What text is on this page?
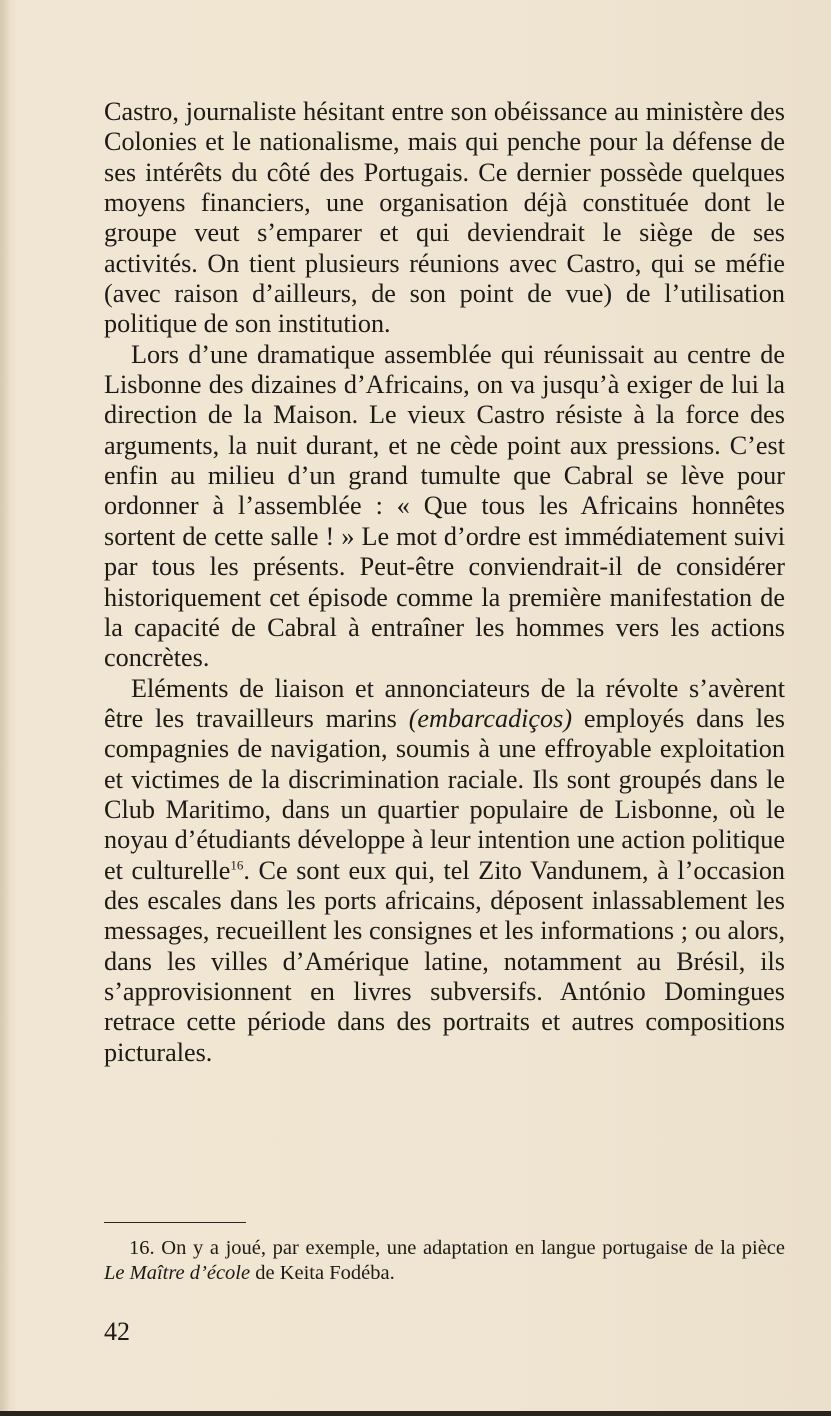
Castro, journaliste hésitant entre son obéissance au ministère des Colonies et le nationalisme, mais qui penche pour la défense de ses intérêts du côté des Portugais. Ce dernier possède quelques moyens financiers, une organisation déjà constituée dont le groupe veut s’emparer et qui deviendrait le siège de ses activités. On tient plusieurs réunions avec Castro, qui se méfie (avec raison d’ailleurs, de son point de vue) de l’utilisation politique de son institution.

Lors d’une dramatique assemblée qui réunissait au centre de Lisbonne des dizaines d’Africains, on va jusqu’à exiger de lui la direction de la Maison. Le vieux Castro résiste à la force des arguments, la nuit durant, et ne cède point aux pressions. C’est enfin au milieu d’un grand tumulte que Cabral se lève pour ordonner à l’assemblée : « Que tous les Africains honnêtes sortent de cette salle ! » Le mot d’ordre est immédiatement suivi par tous les présents. Peut-être conviendrait-il de considérer historiquement cet épisode comme la première manifestation de la capacité de Cabral à entraîner les hommes vers les actions concrètes.

Eléments de liaison et annonciateurs de la révolte s’avèrent être les travailleurs marins (embarcadiços) employés dans les compagnies de navigation, soumis à une effroyable exploitation et victimes de la discrimination raciale. Ils sont groupés dans le Club Maritimo, dans un quartier populaire de Lisbonne, où le noyau d’étudiants développe à leur intention une action politique et culturelle$^{16}$. Ce sont eux qui, tel Zito Vandunem, à l’occasion des escales dans les ports africains, déposent inlassablement les messages, recueillent les consignes et les informations ; ou alors, dans les villes d’Amérique latine, notamment au Brésil, ils s’approvisionnent en livres subversifs. António Domingues retrace cette période dans des portraits et autres compositions picturales.

16. On y a joué, par exemple, une adaptation en langue portugaise de la pièce Le Maître d’école de Keita Fodéba.
42
